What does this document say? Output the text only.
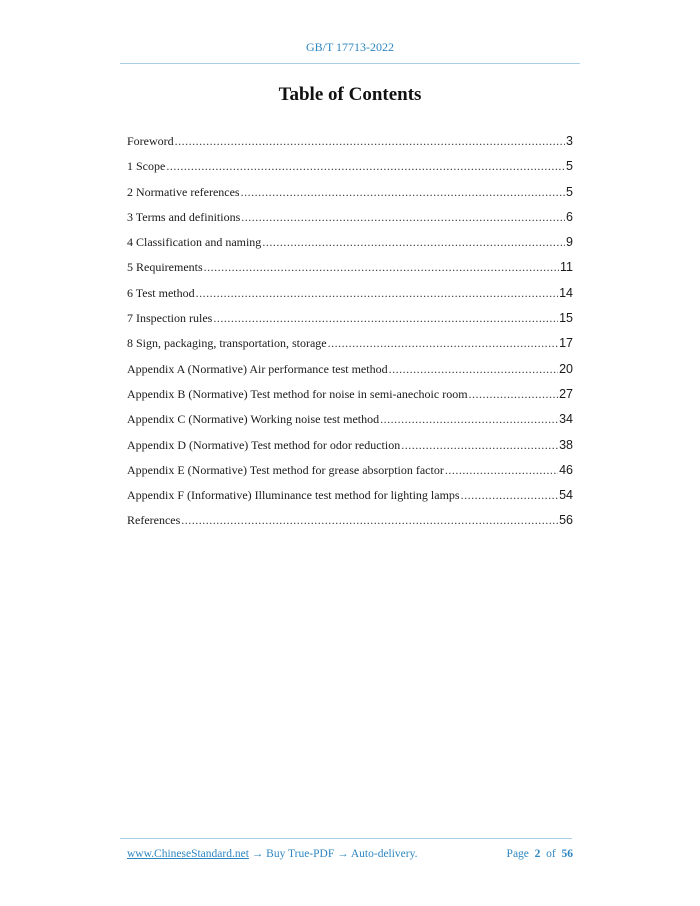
GB/T 17713-2022
Table of Contents
Foreword .....	3
1 Scope .....	5
2 Normative references .....	5
3 Terms and definitions .....	6
4 Classification and naming .....	9
5 Requirements .....	11
6 Test method .....	14
7 Inspection rules .....	15
8 Sign, packaging, transportation, storage .....	17
Appendix A (Normative) Air performance test method .....	20
Appendix B (Normative) Test method for noise in semi-anechoic room .....	27
Appendix C (Normative) Working noise test method .....	34
Appendix D (Normative) Test method for odor reduction .....	38
Appendix E (Normative) Test method for grease absorption factor .....	46
Appendix F (Informative) Illuminance test method for lighting lamps .....	54
References .....	56
www.ChineseStandard.net → Buy True-PDF → Auto-delivery.	Page 2 of 56
